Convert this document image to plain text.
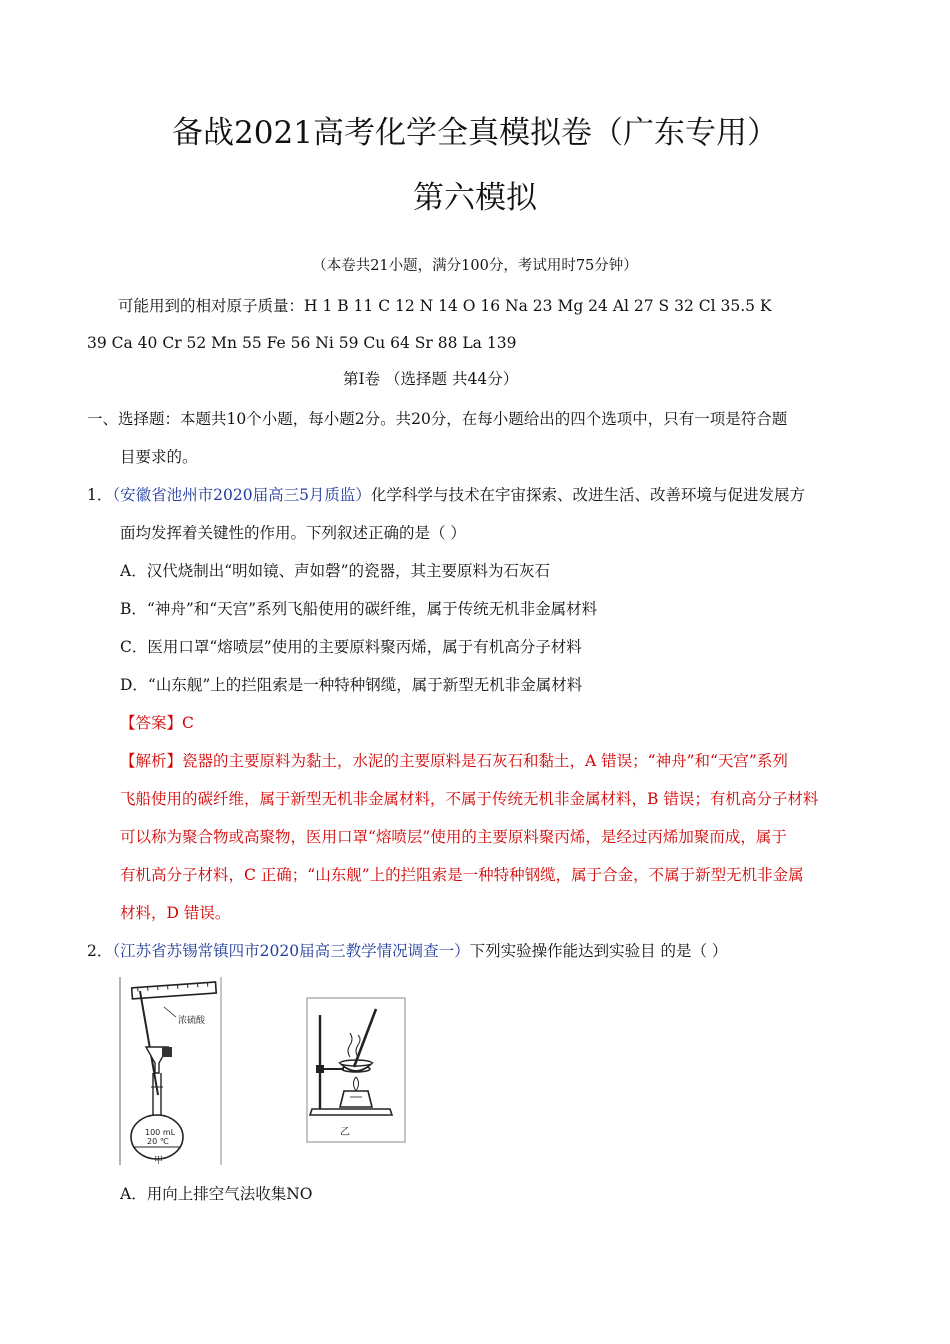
备战2021高考化学全真模拟卷（广东专用）
第六模拟
（本卷共21小题，满分100分，考试用时75分钟）
可能用到的相对原子质量：H 1 B 11 C 12 N 14 O 16 Na 23 Mg 24 Al 27 S 32 Cl 35.5 K
39 Ca 40 Cr 52 Mn 55 Fe 56 Ni 59 Cu 64 Sr 88 La 139
第Ⅰ卷 （选择题 共44分）
一、选择题：本题共10个小题，每小题2分。共20分，在每小题给出的四个选项中，只有一项是符合题
目要求的。
1．（安徽省池州市2020届高三5月质监）化学科学与技术在宇宙探索、改进生活、改善环境与促进发展方
面均发挥着关键性的作用。下列叙述正确的是（ ）
A．汉代烧制出“明如镜、声如磬”的瓷器，其主要原料为石灰石
B．“神舟”和“天宫”系列飞船使用的碳纤维，属于传统无机非金属材料
C．医用口罩“熔喷层”使用的主要原料聚丙烯，属于有机高分子材料
D．“山东舰”上的拦阻索是一种特种钢缆，属于新型无机非金属材料
【答案】C
【解析】瓷器的主要原料为黏土，水泥的主要原料是石灰石和黏土，A 错误；“神舟”和“天宫”系列
飞船使用的碳纤维，属于新型无机非金属材料，不属于传统无机非金属材料，B 错误；有机高分子材料
可以称为聚合物或高聚物，医用口罩“熔喷层”使用的主要原料聚丙烯，是经过丙烯加聚而成，属于
有机高分子材料，C 正确；“山东舰”上的拦阻索是一种特种钢缆，属于合金，不属于新型无机非金属
材料，D 错误。
2．（江苏省苏锡常镇四市2020届高三教学情况调查一）下列实验操作能达到实验目 的是（ ）
浓硫酸
100 mL
20 ℃
甲
乙
A．用向上排空气法收集NO
